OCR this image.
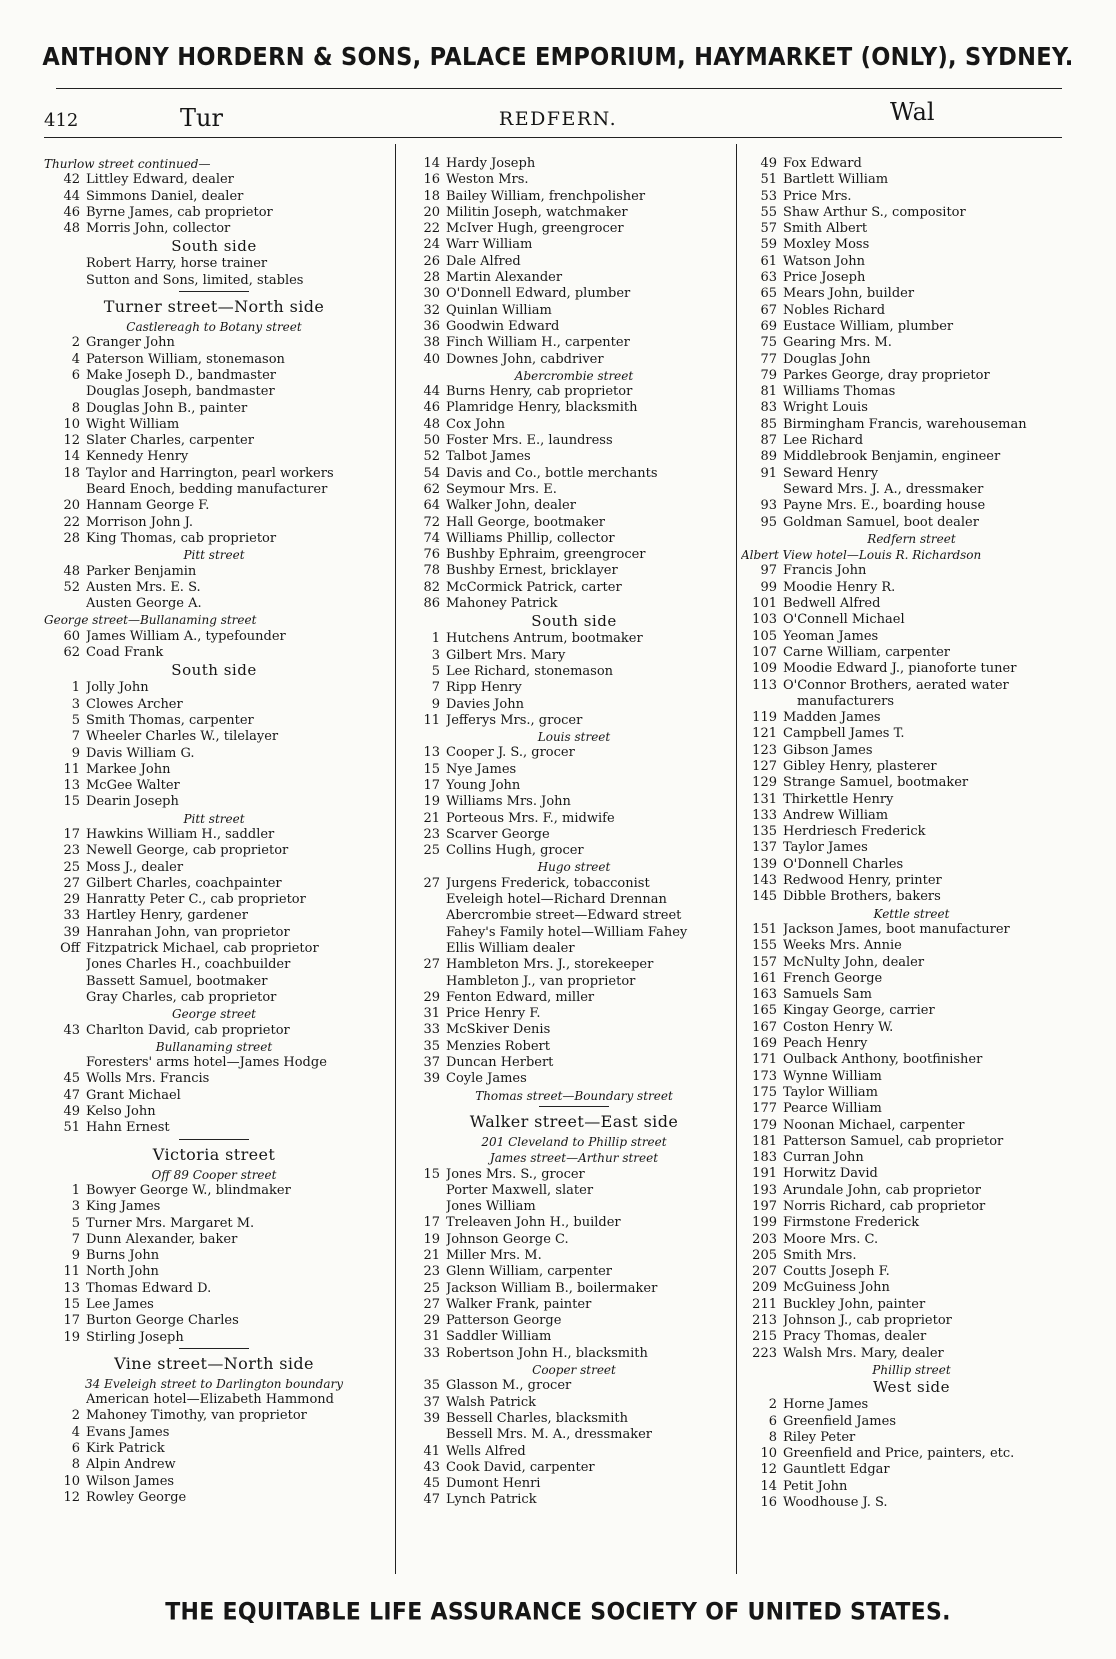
ANTHONY HORDERN & SONS, PALACE EMPORIUM, HAYMARKET (ONLY), SYDNEY.
412	Tur	REDFERN.	Wal
Thurlow street continued—
42 Littley Edward, dealer
44 Simmons Daniel, dealer
46 Byrne James, cab proprietor
48 Morris John, collector
South side
Robert Harry, horse trainer
Sutton and Sons, limited, stables
Turner street—North side
Castlereagh to Botany street
2 Granger John
4 Paterson William, stonemason
6 Make Joseph D., bandmaster
Douglas Joseph, bandmaster
8 Douglas John B., painter
10 Wight William
12 Slater Charles, carpenter
14 Kennedy Henry
18 Taylor and Harrington, pearl workers
Beard Enoch, bedding manufacturer
20 Hannam George F.
22 Morrison John J.
28 King Thomas, cab proprietor
Pitt street
48 Parker Benjamin
52 Austen Mrs. E. S.
Austen George A.
George street—Bullanaming street
60 James William A., typefounder
62 Coad Frank
South side
1 Jolly John
3 Clowes Archer
5 Smith Thomas, carpenter
7 Wheeler Charles W., tilelayer
9 Davis William G.
11 Markee John
13 McGee Walter
15 Dearin Joseph
Pitt street
17 Hawkins William H., saddler
23 Newell George, cab proprietor
25 Moss J., dealer
27 Gilbert Charles, coachpainter
29 Hanratty Peter C., cab proprietor
33 Hartley Henry, gardener
39 Hanrahan John, van proprietor
Off Fitzpatrick Michael, cab proprietor
Jones Charles H., coachbuilder
Bassett Samuel, bootmaker
Gray Charles, cab proprietor
George street
43 Charlton David, cab proprietor
Bullanaming street
Foresters' arms hotel—James Hodge
45 Wolls Mrs. Francis
47 Grant Michael
49 Kelso John
51 Hahn Ernest
Victoria street
Off 89 Cooper street
1 Bowyer George W., blindmaker
3 King James
5 Turner Mrs. Margaret M.
7 Dunn Alexander, baker
9 Burns John
11 North John
13 Thomas Edward D.
15 Lee James
17 Burton George Charles
19 Stirling Joseph
Vine street—North side
34 Eveleigh street to Darlington boundary
American hotel—Elizabeth Hammond
2 Mahoney Timothy, van proprietor
4 Evans James
6 Kirk Patrick
8 Alpin Andrew
10 Wilson James
12 Rowley George
14 Hardy Joseph
16 Weston Mrs.
18 Bailey William, frenchpolisher
20 Militin Joseph, watchmaker
22 McIver Hugh, greengrocer
24 Warr William
26 Dale Alfred
28 Martin Alexander
30 O'Donnell Edward, plumber
32 Quinlan William
36 Goodwin Edward
38 Finch William H., carpenter
40 Downes John, cabdriver
Abercrombie street
44 Burns Henry, cab proprietor
46 Plamridge Henry, blacksmith
48 Cox John
50 Foster Mrs. E., laundress
52 Talbot James
54 Davis and Co., bottle merchants
62 Seymour Mrs. E.
64 Walker John, dealer
72 Hall George, bootmaker
74 Williams Phillip, collector
76 Bushby Ephraim, greengrocer
78 Bushby Ernest, bricklayer
82 McCormick Patrick, carter
86 Mahoney Patrick
South side
1 Hutchens Antrum, bootmaker
3 Gilbert Mrs. Mary
5 Lee Richard, stonemason
7 Ripp Henry
9 Davies John
11 Jefferys Mrs., grocer
Louis street
13 Cooper J. S., grocer
15 Nye James
17 Young John
19 Williams Mrs. John
21 Porteous Mrs. F., midwife
23 Scarver George
25 Collins Hugh, grocer
Hugo street
27 Jurgens Frederick, tobacconist
Eveleigh hotel—Richard Drennan
Abercrombie street—Edward street
Fahey's Family hotel—William Fahey
Ellis William dealer
27 Hambleton Mrs. J., storekeeper
Hambleton J., van proprietor
29 Fenton Edward, miller
31 Price Henry F.
33 McSkiver Denis
35 Menzies Robert
37 Duncan Herbert
39 Coyle James
Thomas street—Boundary street
Walker street—East side
201 Cleveland to Phillip street
James street—Arthur street
15 Jones Mrs. S., grocer
Porter Maxwell, slater
Jones William
17 Treleaven John H., builder
19 Johnson George C.
21 Miller Mrs. M.
23 Glenn William, carpenter
25 Jackson William B., boilermaker
27 Walker Frank, painter
29 Patterson George
31 Saddler William
33 Robertson John H., blacksmith
Cooper street
35 Glasson M., grocer
37 Walsh Patrick
39 Bessell Charles, blacksmith
Bessell Mrs. M. A., dressmaker
41 Wells Alfred
43 Cook David, carpenter
45 Dumont Henri
47 Lynch Patrick
49 Fox Edward
51 Bartlett William
53 Price Mrs.
55 Shaw Arthur S., compositor
57 Smith Albert
59 Moxley Moss
61 Watson John
63 Price Joseph
65 Mears John, builder
67 Nobles Richard
69 Eustace William, plumber
75 Gearing Mrs. M.
77 Douglas John
79 Parkes George, dray proprietor
81 Williams Thomas
83 Wright Louis
85 Birmingham Francis, warehouseman
87 Lee Richard
89 Middlebrook Benjamin, engineer
91 Seward Henry
Seward Mrs. J. A., dressmaker
93 Payne Mrs. E., boarding house
95 Goldman Samuel, boot dealer
Redfern street
Albert View hotel—Louis R. Richardson
97 Francis John
99 Moodie Henry R.
101 Bedwell Alfred
103 O'Connell Michael
105 Yeoman James
107 Carne William, carpenter
109 Moodie Edward J., pianoforte tuner
113 O'Connor Brothers, aerated water
manufacturers
119 Madden James
121 Campbell James T.
123 Gibson James
127 Gibley Henry, plasterer
129 Strange Samuel, bootmaker
131 Thirkettle Henry
133 Andrew William
135 Herdriesch Frederick
137 Taylor James
139 O'Donnell Charles
143 Redwood Henry, printer
145 Dibble Brothers, bakers
Kettle street
151 Jackson James, boot manufacturer
155 Weeks Mrs. Annie
157 McNulty John, dealer
161 French George
163 Samuels Sam
165 Kingay George, carrier
167 Coston Henry W.
169 Peach Henry
171 Oulback Anthony, bootfinisher
173 Wynne William
175 Taylor William
177 Pearce William
179 Noonan Michael, carpenter
181 Patterson Samuel, cab proprietor
183 Curran John
191 Horwitz David
193 Arundale John, cab proprietor
197 Norris Richard, cab proprietor
199 Firmstone Frederick
203 Moore Mrs. C.
205 Smith Mrs.
207 Coutts Joseph F.
209 McGuiness John
211 Buckley John, painter
213 Johnson J., cab proprietor
215 Pracy Thomas, dealer
223 Walsh Mrs. Mary, dealer
Phillip street
West side
2 Horne James
6 Greenfield James
8 Riley Peter
10 Greenfield and Price, painters, etc.
12 Gauntlett Edgar
14 Petit John
16 Woodhouse J. S.
THE EQUITABLE LIFE ASSURANCE SOCIETY OF UNITED STATES.
